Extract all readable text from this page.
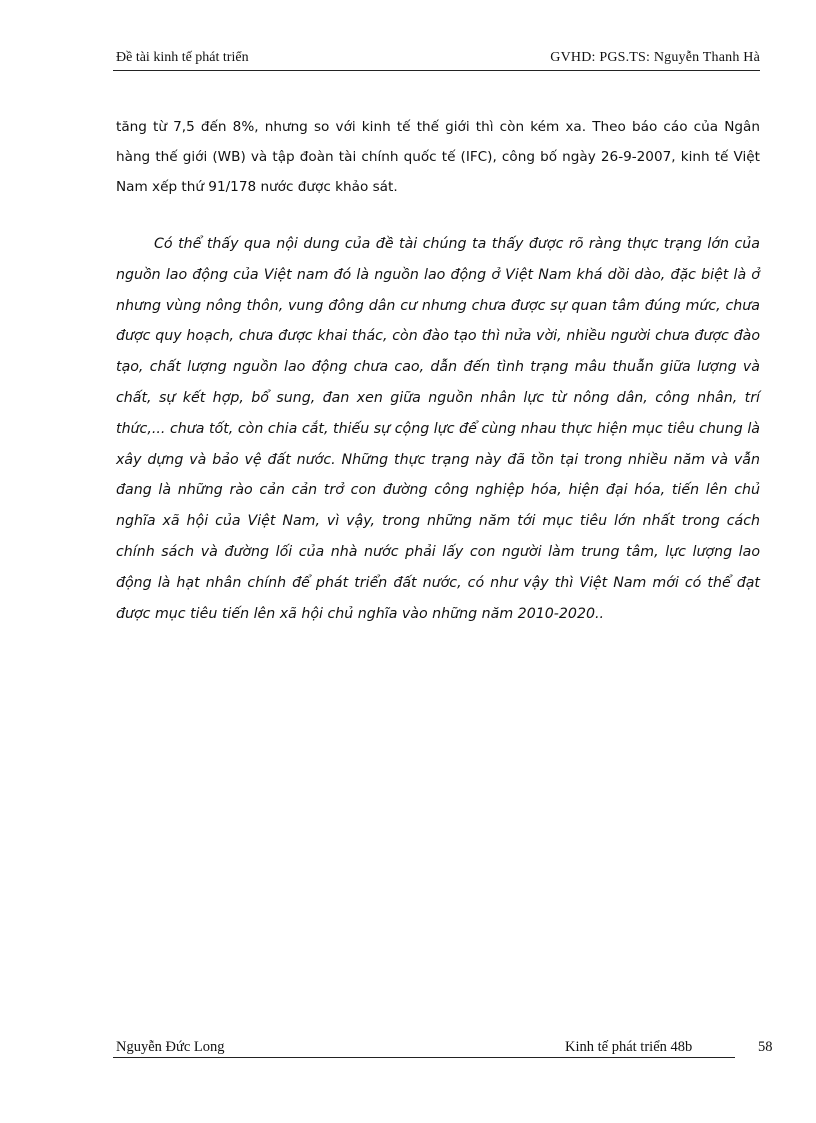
Đề tài kinh tế phát triển	GVHD: PGS.TS: Nguyễn Thanh Hà

tăng từ 7,5 đến 8%, nhưng so với kinh tế thế giới thì còn kém xa. Theo báo cáo của Ngân hàng thế giới (WB) và tập đoàn tài chính quốc tế (IFC), công bố ngày 26-9-2007, kinh tế Việt Nam xếp thứ 91/178 nước được khảo sát.

Có thể thấy qua nội dung của đề tài chúng ta thấy được rõ ràng thực trạng lớn của nguồn lao động của Việt nam đó là nguồn lao động ở Việt Nam khá dồi dào, đặc biệt là ở nhưng vùng nông thôn, vung đông dân cư nhưng chưa được sự quan tâm đúng mức, chưa được quy hoạch, chưa được khai thác, còn đào tạo thì nửa vời, nhiều người chưa được đào tạo, chất lượng nguồn lao động chưa cao, dẫn đến tình trạng mâu thuẫn giữa lượng và chất, sự kết hợp, bổ sung, đan xen giữa nguồn nhân lực từ nông dân, công nhân, trí thức,... chưa tốt, còn chia cắt, thiếu sự cộng lực để cùng nhau thực hiện mục tiêu chung là xây dựng và bảo vệ đất nước. Những thực trạng này đã tồn tại trong nhiều năm và vẫn đang là những rào cản cản trở con đường công nghiệp hóa, hiện đại hóa, tiến lên chủ nghĩa xã hội của Việt Nam, vì vậy, trong những năm tới mục tiêu lớn nhất trong cách chính sách và đường lối của nhà nước phải lấy con người làm trung tâm, lực lượng lao động là hạt nhân chính để phát triển đất nước, có như vậy thì Việt Nam mới có thể đạt được mục tiêu tiến lên xã hội chủ nghĩa vào những năm 2010-2020..

Nguyễn Đức Long	Kinh tế phát triển 48b	58
